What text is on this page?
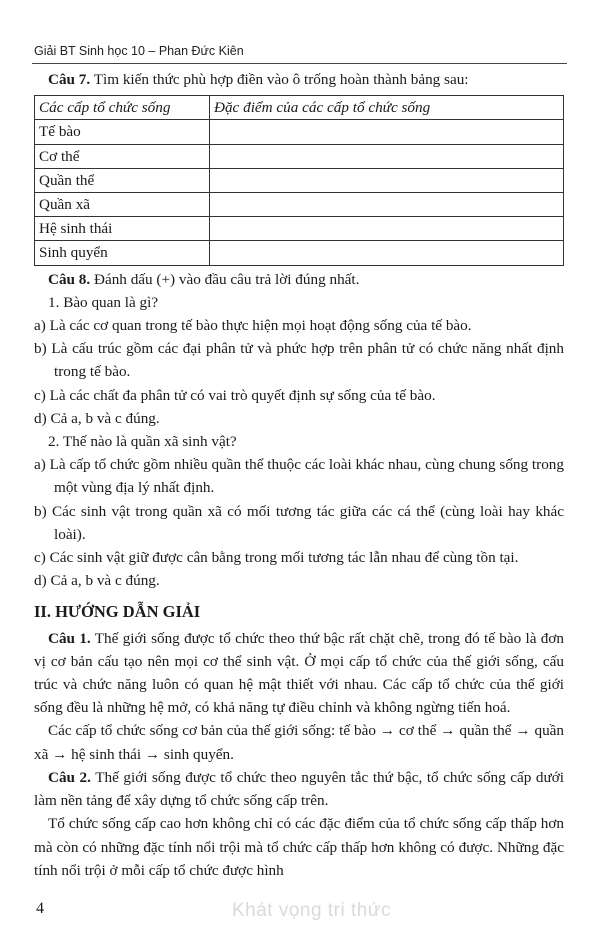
Giải BT Sinh học 10 – Phan Đức Kiên

Câu 7. Tìm kiến thức phù hợp điền vào ô trống hoàn thành bảng sau:

Các cấp tổ chức sống	Đặc điểm của các cấp tổ chức sống
Tế bào	
Cơ thể	
Quần thể	
Quần xã	
Hệ sinh thái	
Sinh quyển	

Câu 8. Đánh dấu (+) vào đầu câu trả lời đúng nhất.

1. Bào quan là gì?

a) Là các cơ quan trong tế bào thực hiện mọi hoạt động sống của tế bào.

b) Là cấu trúc gồm các đại phân tử và phức hợp trên phân tử có chức năng nhất định trong tế bào.

c) Là các chất đa phân tử có vai trò quyết định sự sống của tế bào.

d) Cả a, b và c đúng.

2. Thế nào là quần xã sinh vật?

a) Là cấp tổ chức gồm nhiều quần thể thuộc các loài khác nhau, cùng chung sống trong một vùng địa lý nhất định.

b) Các sinh vật trong quần xã có mối tương tác giữa các cá thể (cùng loài hay khác loài).

c) Các sinh vật giữ được cân bằng trong mối tương tác lẫn nhau để cùng tồn tại.

d) Cả a, b và c đúng.

II. HƯỚNG DẪN GIẢI

Câu 1. Thế giới sống được tổ chức theo thứ bậc rất chặt chẽ, trong đó tế bào là đơn vị cơ bản cấu tạo nên mọi cơ thể sinh vật. Ở mọi cấp tổ chức của thế giới sống, cấu trúc và chức năng luôn có quan hệ mật thiết với nhau. Các cấp tổ chức của thế giới sống đều là những hệ mở, có khả năng tự điều chỉnh và không ngừng tiến hoá.

Các cấp tổ chức sống cơ bản của thế giới sống: tế bào → cơ thể → quần thể → quần xã → hệ sinh thái → sinh quyển.

Câu 2. Thế giới sống được tổ chức theo nguyên tắc thứ bậc, tổ chức sống cấp dưới làm nền tảng để xây dựng tổ chức sống cấp trên.

Tổ chức sống cấp cao hơn không chỉ có các đặc điểm của tổ chức sống cấp thấp hơn mà còn có những đặc tính nổi trội mà tổ chức cấp thấp hơn không có được. Những đặc tính nổi trội ở mỗi cấp tổ chức được hình

4	Khát vọng tri thức
